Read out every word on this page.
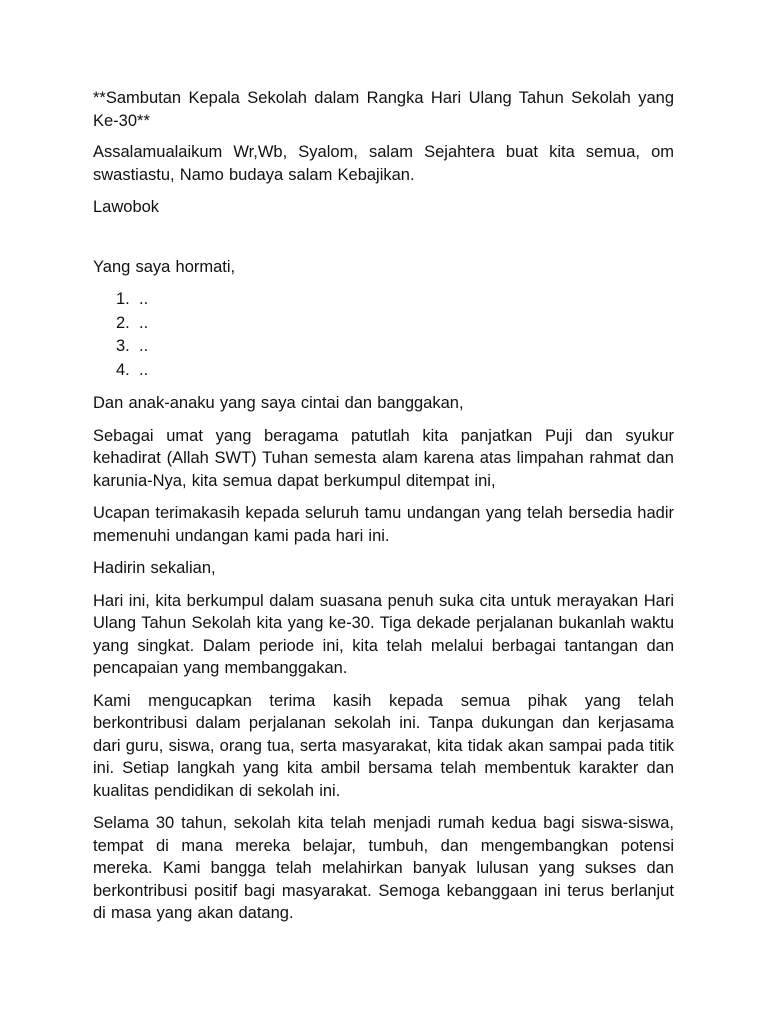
**Sambutan Kepala Sekolah dalam Rangka Hari Ulang Tahun Sekolah yang Ke-30**

Assalamualaikum Wr,Wb, Syalom, salam Sejahtera buat kita semua, om swastiastu, Namo budaya salam Kebajikan.

Lawobok

Yang saya hormati,

1. ..
2. ..
3. ..
4. ..

Dan anak-anaku yang saya cintai dan banggakan,

Sebagai umat yang beragama patutlah kita panjatkan Puji dan syukur kehadirat (Allah SWT) Tuhan semesta alam karena atas limpahan rahmat dan karunia-Nya, kita semua dapat berkumpul ditempat ini,

Ucapan terimakasih kepada seluruh tamu undangan yang telah bersedia hadir memenuhi undangan kami pada hari ini.

Hadirin sekalian,

Hari ini, kita berkumpul dalam suasana penuh suka cita untuk merayakan Hari Ulang Tahun Sekolah kita yang ke-30. Tiga dekade perjalanan bukanlah waktu yang singkat. Dalam periode ini, kita telah melalui berbagai tantangan dan pencapaian yang membanggakan.

Kami mengucapkan terima kasih kepada semua pihak yang telah berkontribusi dalam perjalanan sekolah ini. Tanpa dukungan dan kerjasama dari guru, siswa, orang tua, serta masyarakat, kita tidak akan sampai pada titik ini. Setiap langkah yang kita ambil bersama telah membentuk karakter dan kualitas pendidikan di sekolah ini.

Selama 30 tahun, sekolah kita telah menjadi rumah kedua bagi siswa-siswa, tempat di mana mereka belajar, tumbuh, dan mengembangkan potensi mereka. Kami bangga telah melahirkan banyak lulusan yang sukses dan berkontribusi positif bagi masyarakat. Semoga kebanggaan ini terus berlanjut di masa yang akan datang.
